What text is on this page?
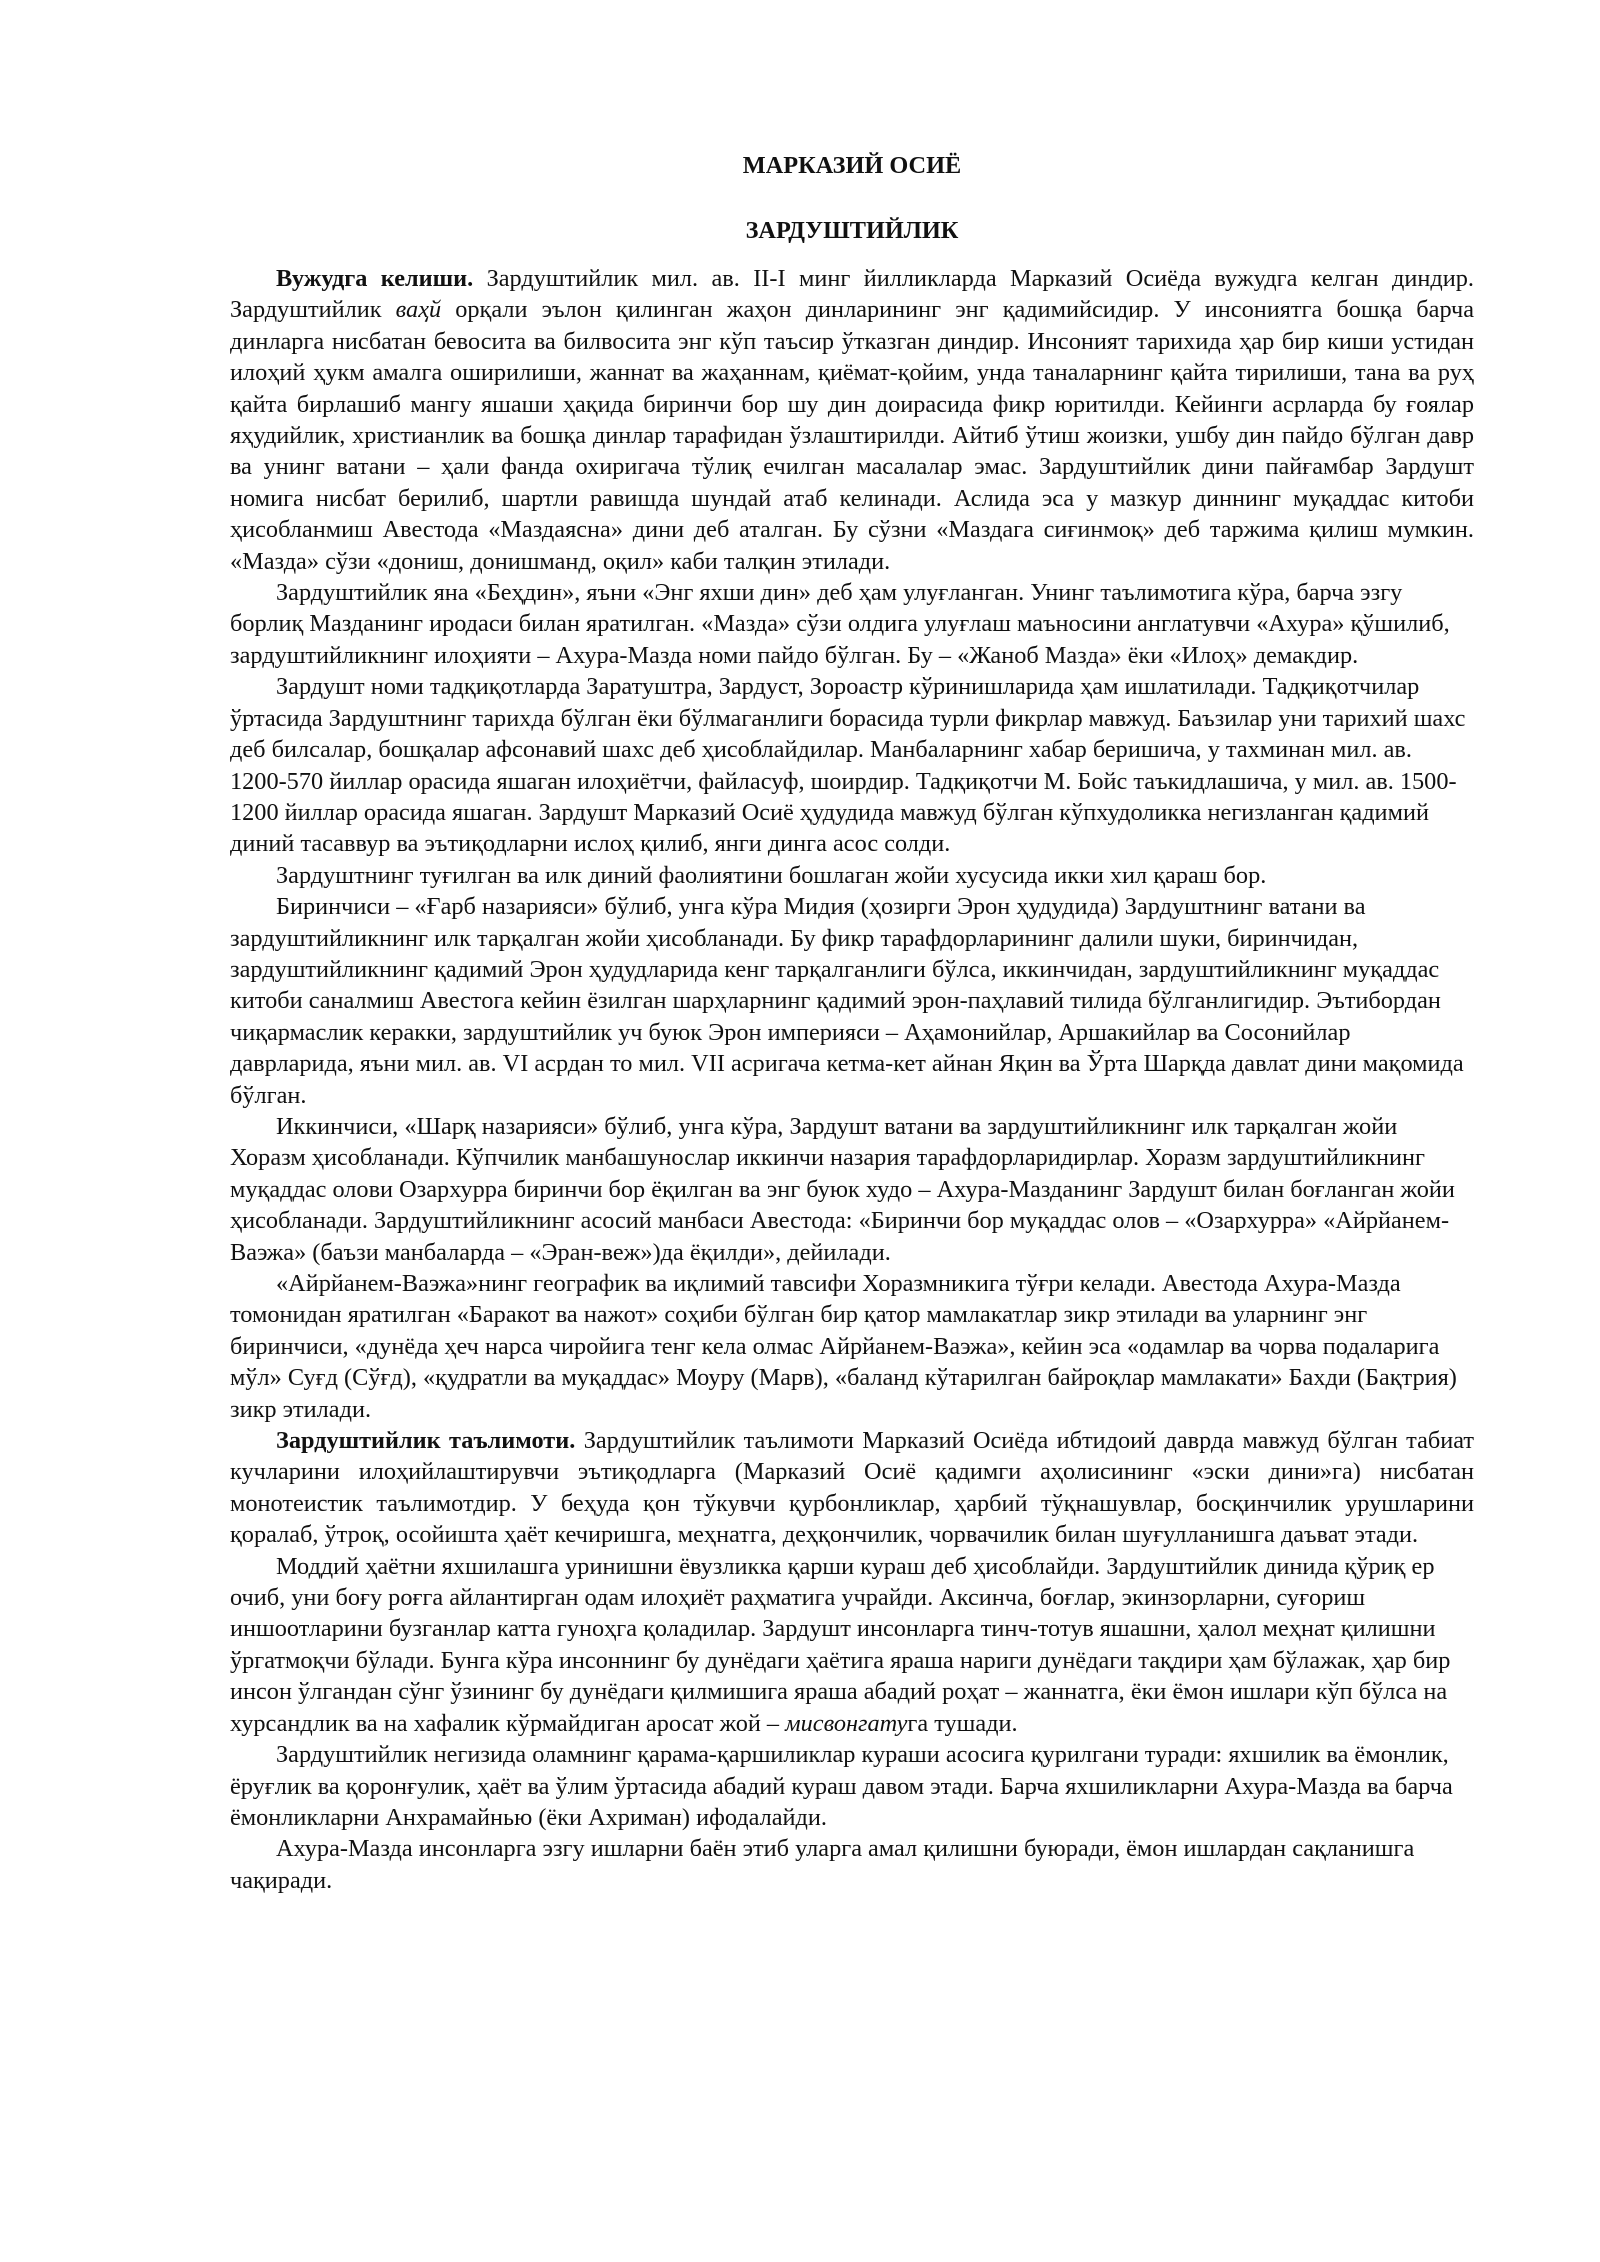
МАРКАЗИЙ ОСИЁ
ЗАРДУШТИЙЛИК

Вужудга келиши. Зардуштийлик мил. ав. II-I минг йилликларда Марказий Осиёда вужудга келган диндир. Зардуштийлик ваҳй орқали эълон қилинган жаҳон динларининг энг қадимийсидир. У инсониятга бошқа барча динларга нисбатан бевосита ва билвосита энг кўп таъсир ўтказган диндир. Инсоният тарихида ҳар бир киши устидан илоҳий ҳукм амалга оширилиши, жаннат ва жаҳаннам, қиёмат-қойим, унда таналарнинг қайта тирилиши, тана ва руҳ қайта бирлашиб мангу яшаши ҳақида биринчи бор шу дин доирасида фикр юритилди. Кейинги асрларда бу ғоялар яҳудийлик, христианлик ва бошқа динлар тарафидан ўзлаштирилди. Айтиб ўтиш жоизки, ушбу дин пайдо бўлган давр ва унинг ватани – ҳали фанда охиригача тўлиқ ечилган масалалар эмас. Зардуштийлик дини пайғамбар Зардушт номига нисбат берилиб, шартли равишда шундай атаб келинади. Аслида эса у мазкур диннинг муқаддас китоби ҳисобланмиш Авестода «Маздаясна» дини деб аталган. Бу сўзни «Маздага сиғинмоқ» деб таржима қилиш мумкин. «Мазда» сўзи «дониш, донишманд, оқил» каби талқин этилади.

Зардуштийлик яна «Беҳдин», яъни «Энг яхши дин» деб ҳам улуғланган. Унинг таълимотига кўра, барча эзгу борлиқ Мазданинг иродаси билан яратилган. «Мазда» сўзи олдига улуғлаш маъносини англатувчи «Ахура» қўшилиб, зардуштийликнинг илоҳияти – Ахура-Мазда номи пайдо бўлган. Бу – «Жаноб Мазда» ёки «Илоҳ» демакдир.

Зардушт номи тадқиқотларда Заратуштра, Зардуст, Зороастр кўринишларида ҳам ишлатилади. Тадқиқотчилар ўртасида Зардуштнинг тарихда бўлган ёки бўлмаганлиги борасида турли фикрлар мавжуд. Баъзилар уни тарихий шахс деб билсалар, бошқалар афсонавий шахс деб ҳисоблайдилар. Манбаларнинг хабар беришича, у тахминан мил. ав. 1200-570 йиллар орасида яшаган илоҳиётчи, файласуф, шоирдир. Тадқиқотчи М. Бойс таъкидлашича, у мил. ав. 1500-1200 йиллар орасида яшаган. Зардушт Марказий Осиё ҳудудида мавжуд бўлган кўпхудоликка негизланган қадимий диний тасаввур ва эътиқодларни ислоҳ қилиб, янги динга асос солди.

Зардуштнинг туғилган ва илк диний фаолиятини бошлаган жойи хусусида икки хил қараш бор.

Биринчиси – «Ғарб назарияси» бўлиб, унга кўра Мидия (ҳозирги Эрон ҳудудида) Зардуштнинг ватани ва зардуштийликнинг илк тарқалган жойи ҳисобланади. Бу фикр тарафдорларининг далили шуки, биринчидан, зардуштийликнинг қадимий Эрон ҳудудларида кенг тарқалганлиги бўлса, иккинчидан, зардуштийликнинг муқаддас китоби саналмиш Авестога кейин ёзилган шарҳларнинг қадимий эрон-паҳлавий тилида бўлганлигидир. Эътибордан чиқармаслик керакки, зардуштийлик уч буюк Эрон империяси – Аҳамонийлар, Аршакийлар ва Сосонийлар даврларида, яъни мил. ав. VI асрдан то мил. VII асригача кетма-кет айнан Яқин ва Ўрта Шарқда давлат дини мақомида бўлган.

Иккинчиси, «Шарқ назарияси» бўлиб, унга кўра, Зардушт ватани ва зардуштийликнинг илк тарқалган жойи Хоразм ҳисобланади. Кўпчилик манбашунослар иккинчи назария тарафдорларидирлар. Хоразм зардуштийликнинг муқаддас олови Озархурра биринчи бор ёқилган ва энг буюк худо – Ахура-Мазданинг Зардушт билан боғланган жойи ҳисобланади. Зардуштийликнинг асосий манбаси Авестода: «Биринчи бор муқаддас олов – «Озархурра» «Айрйанем-Ваэжа» (баъзи манбаларда – «Эран-веж»)да ёқилди», дейилади.

«Айрйанем-Ваэжа»нинг географик ва иқлимий тавсифи Хоразмникига тўғри келади. Авестода Ахура-Мазда томонидан яратилган «Баракот ва нажот» соҳиби бўлган бир қатор мамлакатлар зикр этилади ва уларнинг энг биринчиси, «дунёда ҳеч нарса чиройига тенг кела олмас Айрйанем-Ваэжа», кейин эса «одамлар ва чорва подаларига мўл» Суғд (Сўғд), «қудратли ва муқаддас» Моуру (Марв), «баланд кўтарилган байроқлар мамлакати» Бахди (Бақтрия) зикр этилади.

Зардуштийлик таълимоти. Зардуштийлик таълимоти Марказий Осиёда ибтидоий даврда мавжуд бўлган табиат кучларини илоҳийлаштирувчи эътиқодларга (Марказий Осиё қадимги аҳолисининг «эски дини»га) нисбатан монотеистик таълимотдир. У беҳуда қон тўкувчи қурбонликлар, ҳарбий тўқнашувлар, босқинчилик урушларини қоралаб, ўтроқ, осойишта ҳаёт кечиришга, меҳнатга, деҳқончилик, чорвачилик билан шуғулланишга даъват этади.

Моддий ҳаётни яхшилашга уринишни ёвузликка қарши кураш деб ҳисоблайди. Зардуштийлик динида қўриқ ер очиб, уни боғу роғга айлантирган одам илоҳиёт раҳматига учрайди. Аксинча, боғлар, экинзорларни, суғориш иншоотларини бузганлар катта гуноҳга қоладилар. Зардушт инсонларга тинч-тотув яшашни, ҳалол меҳнат қилишни ўргатмоқчи бўлади. Бунга кўра инсоннинг бу дунёдаги ҳаётига яраша нариги дунёдаги тақдири ҳам бўлажак, ҳар бир инсон ўлгандан сўнг ўзининг бу дунёдаги қилмишига яраша абадий роҳат – жаннатга, ёки ёмон ишлари кўп бўлса на хурсандлик ва на хафалик кўрмайдиган аросат жой – мисвонгатуга тушади.

Зардуштийлик негизида оламнинг қарама-қаршиликлар кураши асосига қурилгани туради: яхшилик ва ёмонлик, ёруғлик ва қоронғулик, ҳаёт ва ўлим ўртасида абадий кураш давом этади. Барча яхшиликларни Ахура-Мазда ва барча ёмонликларни Анхрамайнью (ёки Ахриман) ифодалайди.

Ахура-Мазда инсонларга эзгу ишларни баён этиб уларга амал қилишни буюради, ёмон ишлардан сақланишга чақиради.
